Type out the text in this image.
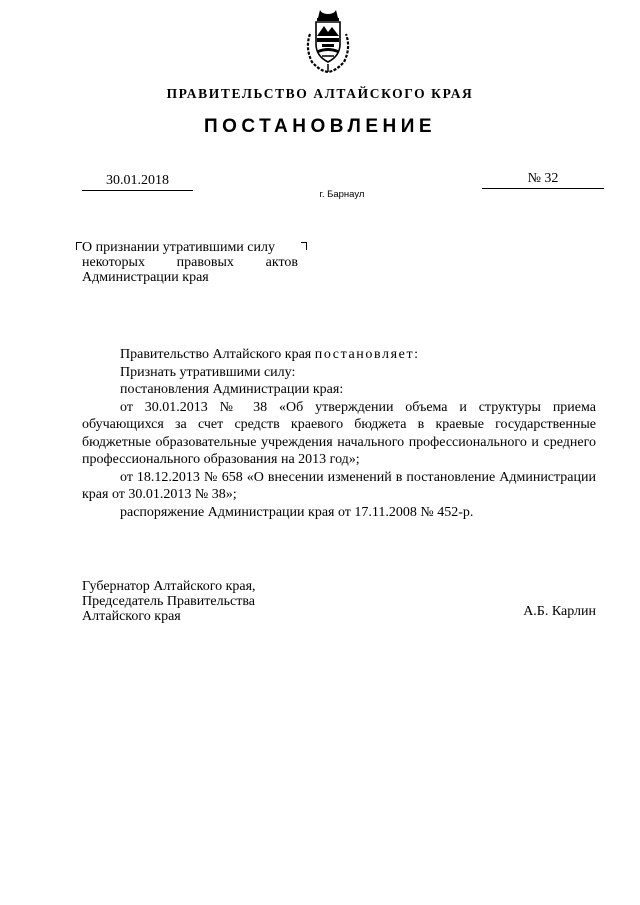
ПРАВИТЕЛЬСТВО АЛТАЙСКОГО КРАЯ
ПОСТАНОВЛЕНИЕ
30.01.2018	№ 32
г. Барнаул
О признании утратившими силу
некоторых правовых актов
Администрации края

Правительство Алтайского края постановляет:

Признать утратившими силу:

постановления Администрации края:

от 30.01.2013 № 38 «Об утверждении объема и структуры приема обучающихся за счет средств краевого бюджета в краевые государственные бюджетные образовательные учреждения начального профессионального и среднего профессионального образования на 2013 год»;

от 18.12.2013 № 658 «О внесении изменений в постановление Администрации края от 30.01.2013 № 38»;

распоряжение Администрации края от 17.11.2008 № 452-р.

Губернатор Алтайского края,
Председатель Правительства
Алтайского края	А.Б. Карлин
